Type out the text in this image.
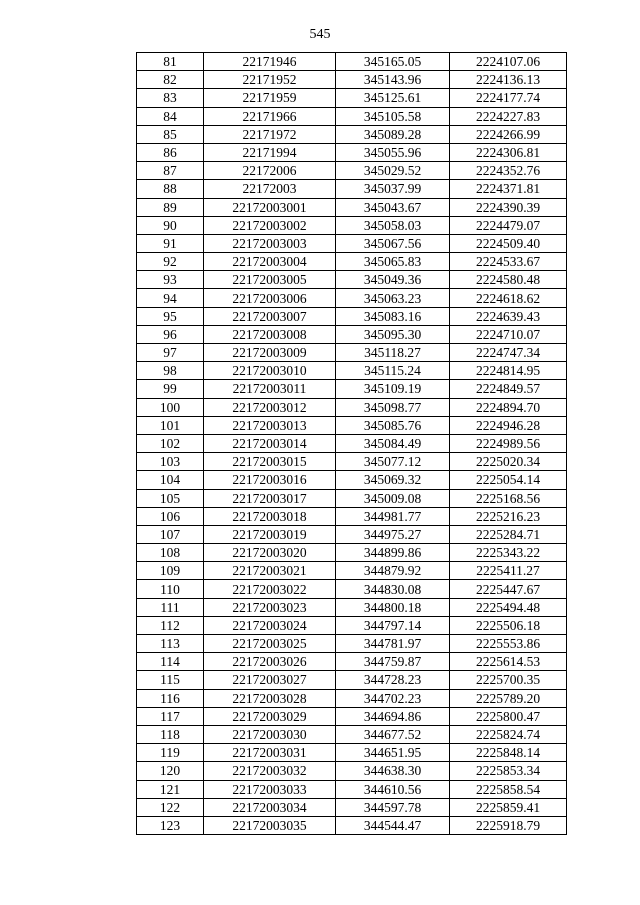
545
81	22171946	345165.05	2224107.06
82	22171952	345143.96	2224136.13
83	22171959	345125.61	2224177.74
84	22171966	345105.58	2224227.83
85	22171972	345089.28	2224266.99
86	22171994	345055.96	2224306.81
87	22172006	345029.52	2224352.76
88	22172003	345037.99	2224371.81
89	22172003001	345043.67	2224390.39
90	22172003002	345058.03	2224479.07
91	22172003003	345067.56	2224509.40
92	22172003004	345065.83	2224533.67
93	22172003005	345049.36	2224580.48
94	22172003006	345063.23	2224618.62
95	22172003007	345083.16	2224639.43
96	22172003008	345095.30	2224710.07
97	22172003009	345118.27	2224747.34
98	22172003010	345115.24	2224814.95
99	22172003011	345109.19	2224849.57
100	22172003012	345098.77	2224894.70
101	22172003013	345085.76	2224946.28
102	22172003014	345084.49	2224989.56
103	22172003015	345077.12	2225020.34
104	22172003016	345069.32	2225054.14
105	22172003017	345009.08	2225168.56
106	22172003018	344981.77	2225216.23
107	22172003019	344975.27	2225284.71
108	22172003020	344899.86	2225343.22
109	22172003021	344879.92	2225411.27
110	22172003022	344830.08	2225447.67
111	22172003023	344800.18	2225494.48
112	22172003024	344797.14	2225506.18
113	22172003025	344781.97	2225553.86
114	22172003026	344759.87	2225614.53
115	22172003027	344728.23	2225700.35
116	22172003028	344702.23	2225789.20
117	22172003029	344694.86	2225800.47
118	22172003030	344677.52	2225824.74
119	22172003031	344651.95	2225848.14
120	22172003032	344638.30	2225853.34
121	22172003033	344610.56	2225858.54
122	22172003034	344597.78	2225859.41
123	22172003035	344544.47	2225918.79
